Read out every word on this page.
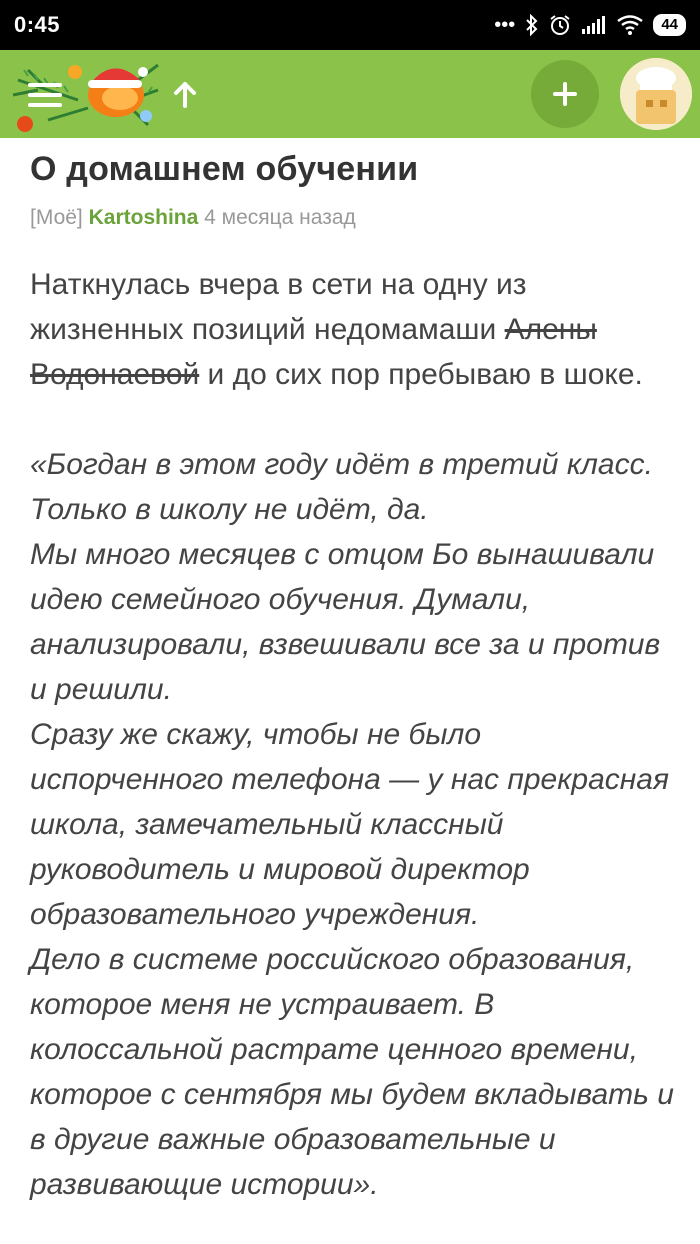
0:45	•••	44
О домашнем обучении
[Моё] Kartoshina 4 месяца назад

Наткнулась вчера в сети на одну из жизненных позиций недомамаши Алены Водонаевой и до сих пор пребываю в шоке.

«Богдан в этом году идёт в третий класс.

Только в школу не идёт, да.

Мы много месяцев с отцом Бо вынашивали идею семейного обучения. Думали, анализировали, взвешивали все за и против и решили.

Сразу же скажу, чтобы не было испорченного телефона — у нас прекрасная школа, замечательный классный руководитель и мировой директор образовательного учреждения.

Дело в системе российского образования, которое меня не устраивает. В колоссальной растрате ценного времени, которое с сентября мы будем вкладывать и в другие важные образовательные и развивающие истории».
